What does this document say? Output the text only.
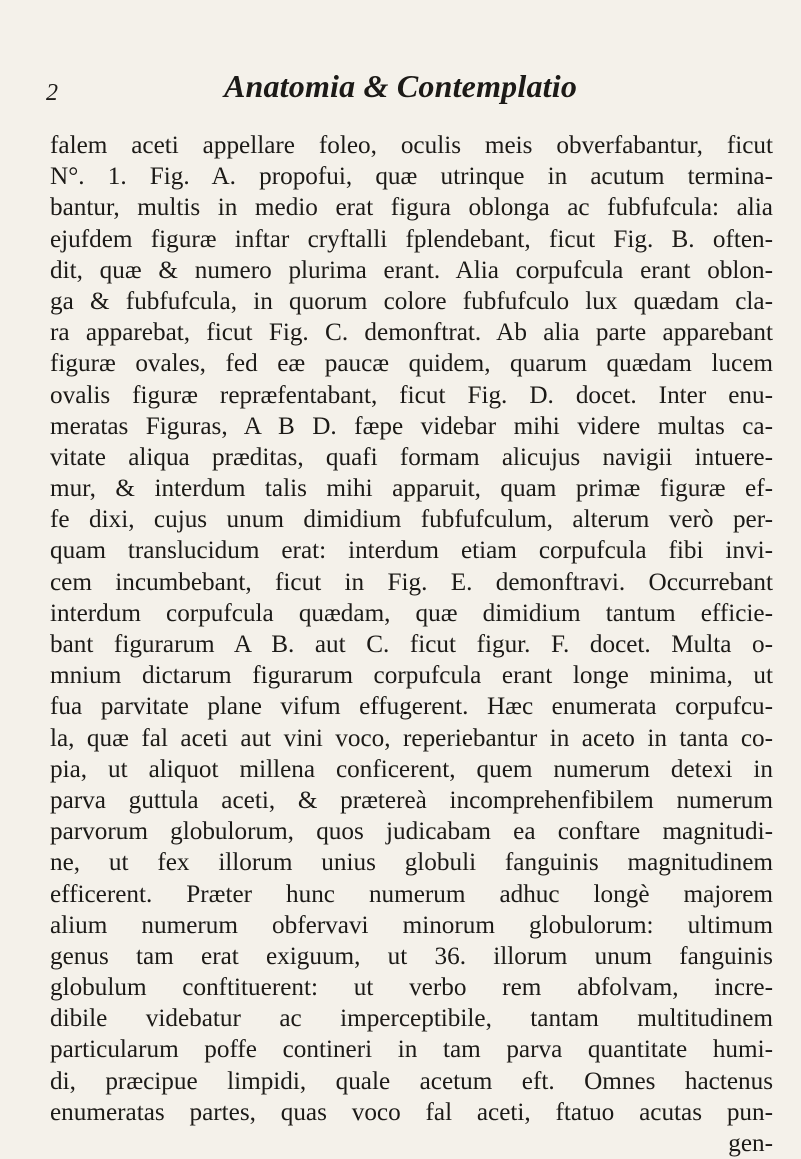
2	Anatomia & Contemplatio
falem aceti appellare foleo, oculis meis obverfabantur, ficut
N°. 1. Fig. A. propofui, quæ utrinque in acutum termina-
bantur, multis in medio erat figura oblonga ac fubfufcula: alia
ejufdem figuræ inftar cryftalli fplendebant, ficut Fig. B. often-
dit, quæ & numero plurima erant. Alia corpufcula erant oblon-
ga & fubfufcula, in quorum colore fubfufculo lux quædam cla-
ra apparebat, ficut Fig. C. demonftrat. Ab alia parte apparebant
figuræ ovales, fed eæ paucæ quidem, quarum quædam lucem
ovalis figuræ repræfentabant, ficut Fig. D. docet. Inter enu-
meratas Figuras, A B D. fæpe videbar mihi videre multas ca-
vitate aliqua præditas, quafi formam alicujus navigii intuere-
mur, & interdum talis mihi apparuit, quam primæ figuræ ef-
fe dixi, cujus unum dimidium fubfufculum, alterum verò per-
quam translucidum erat: interdum etiam corpufcula fibi invi-
cem incumbebant, ficut in Fig. E. demonftravi. Occurrebant
interdum corpufcula quædam, quæ dimidium tantum efficie-
bant figurarum A B. aut C. ficut figur. F. docet. Multa o-
mnium dictarum figurarum corpufcula erant longe minima, ut
fua parvitate plane vifum effugerent. Hæc enumerata corpufcu-
la, quæ fal aceti aut vini voco, reperiebantur in aceto in tanta co-
pia, ut aliquot millena conficerent, quem numerum detexi in
parva guttula aceti, & prætereà incomprehenfibilem numerum
parvorum globulorum, quos judicabam ea conftare magnitudi-
ne, ut fex illorum unius globuli fanguinis magnitudinem
efficerent. Præter hunc numerum adhuc longè majorem
alium numerum obfervavi minorum globulorum: ultimum
genus tam erat exiguum, ut 36. illorum unum fanguinis
globulum conftituerent: ut verbo rem abfolvam, incre-
dibile videbatur ac imperceptibile, tantam multitudinem
particularum poffe contineri in tam parva quantitate humi-
di, præcipue limpidi, quale acetum eft. Omnes hactenus
enumeratas partes, quas voco fal aceti, ftatuo acutas pun-
gen-
